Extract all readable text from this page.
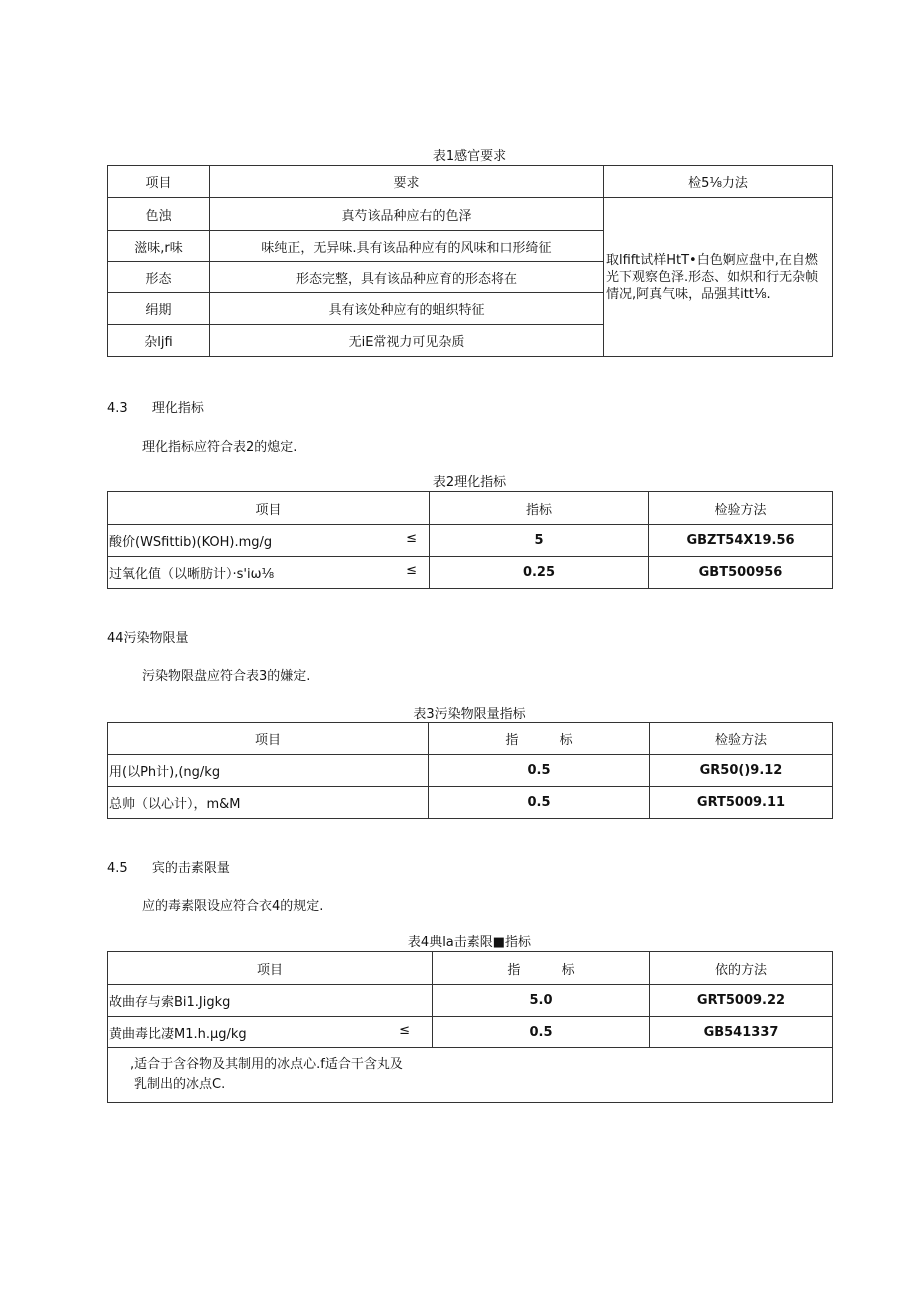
表1感官要求
项目	要求	检5⅛力法
色浊	真芍该品种应右的色泽	取lfift试样HtT•白色婀应盘中,在自燃光下观察色泽.形态、如炽和行无杂帧情况,阿真气味，品强其itt⅛.
滋味,r味	味纯正，无异味.具有该品种应有的风味和口形绮征	
形态	形态完整，具有该品种应育的形态将在	
绢期	具有该处种应有的蛆织特征	
杂ljfi	无iE常视力可见杂质	
4.3 理化指标
理化指标应符合表2的熄定.
表2理化指标
项目	指标	检验方法
酸价(WSfittib)(KOH).mg/g ≤	5	GBZT54X19.56
过氧化值（以晰肪计）·s'iω⅛ ≤	0.25	GBT500956
44污染物限量
污染物限盘应符合表3的嫌定.
表3污染物限量指标
项目	指          标	检验方法
用(以Ph计),(ng/kg	0.5	GR50()9.12
总帅（以心计），m&M	0.5	GRT5009.11
4.5 宾的击素限量
应的毒素限设应符合衣4的规定.
表4典la击素限■指标
项目	指          标	依的方法
故曲存与索Bi1.Jigkg	5.0	GRT5009.22
黄曲毒比凄M1.h.μg/kg ≤	0.5	GB541337

,适合于含谷物及其制用的冰点心.f适合干含丸及
乳制出的冰点C.		
